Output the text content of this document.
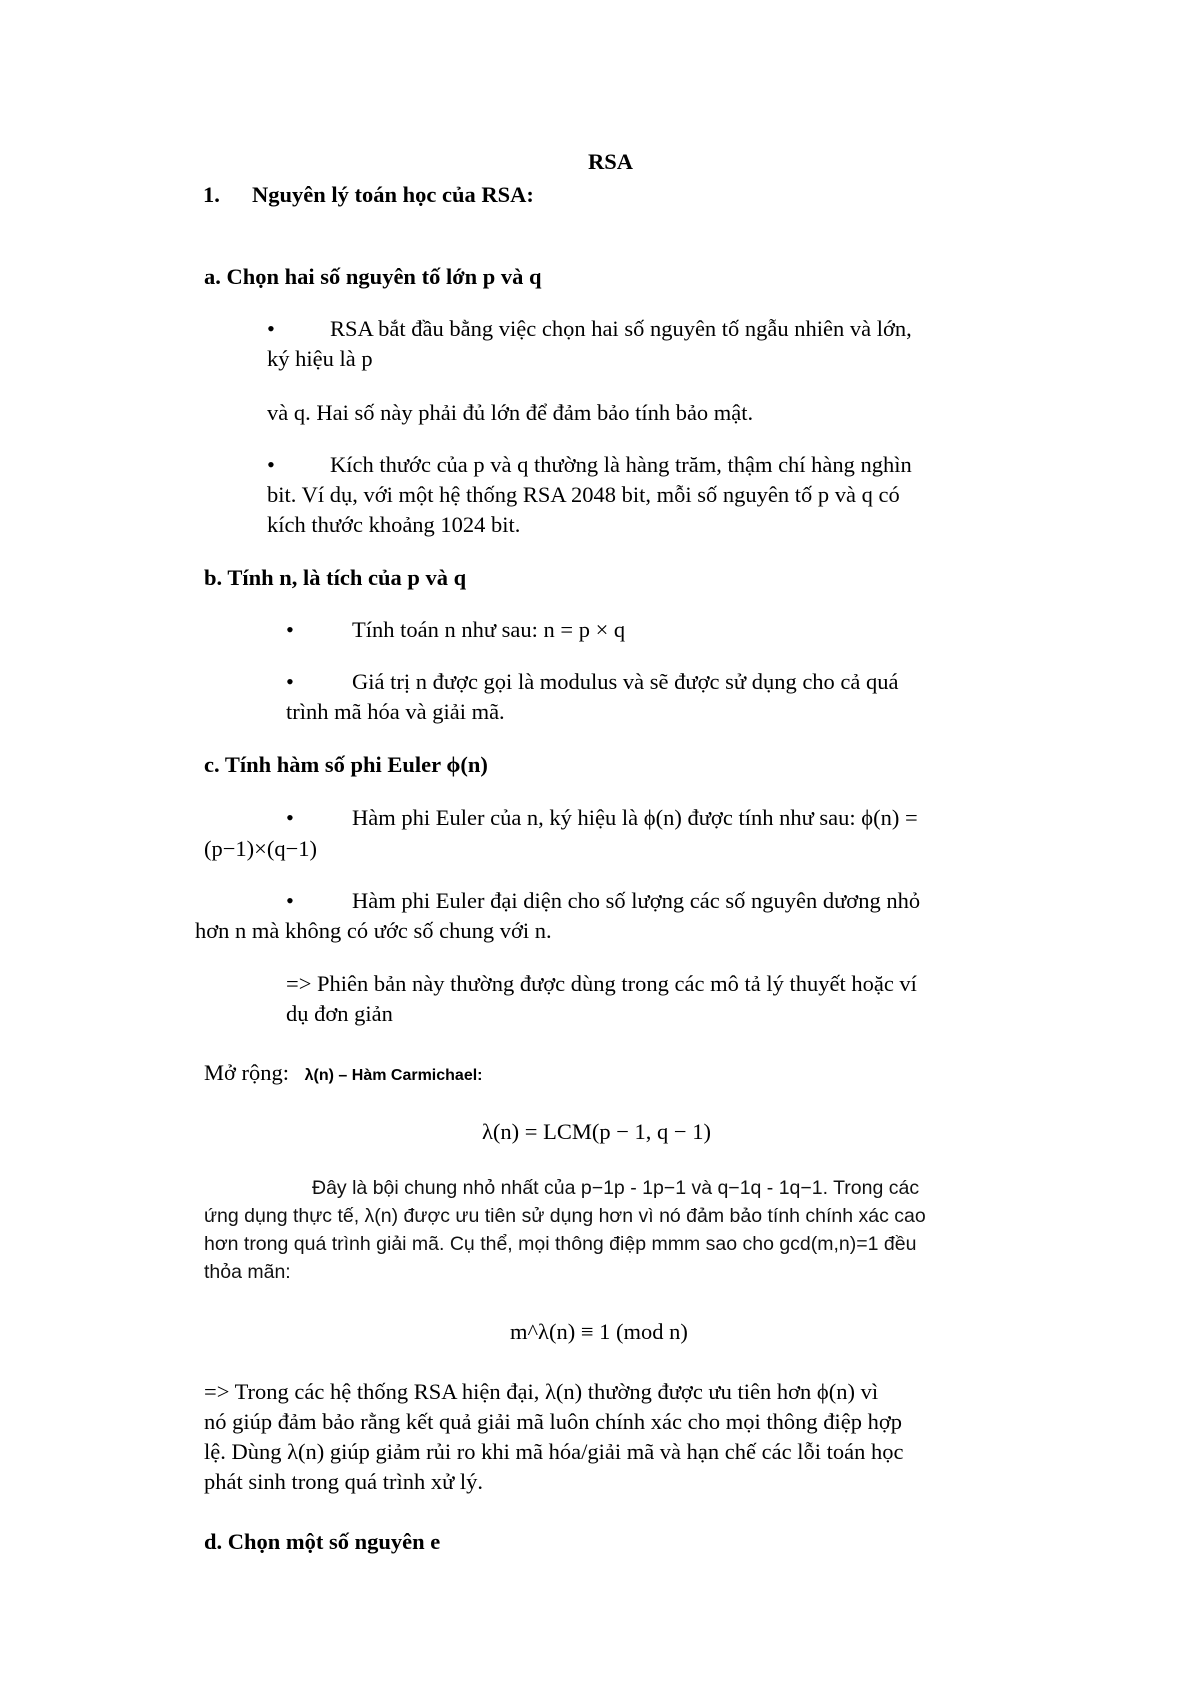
RSA
1. Nguyên lý toán học của RSA:
a. Chọn hai số nguyên tố lớn p và q
• RSA bắt đầu bằng việc chọn hai số nguyên tố ngẫu nhiên và lớn,
ký hiệu là p
và q. Hai số này phải đủ lớn để đảm bảo tính bảo mật.
• Kích thước của p và q thường là hàng trăm, thậm chí hàng nghìn
bit. Ví dụ, với một hệ thống RSA 2048 bit, mỗi số nguyên tố p và q có
kích thước khoảng 1024 bit.
b. Tính n, là tích của p và q
•	Tính toán n như sau: n = p × q
•	Giá trị n được gọi là modulus và sẽ được sử dụng cho cả quá
trình mã hóa và giải mã.
c. Tính hàm số phi Euler ϕ(n)
•	Hàm phi Euler của n, ký hiệu là ϕ(n) được tính như sau: ϕ(n) =
(p−1)×(q−1)
•	Hàm phi Euler đại diện cho số lượng các số nguyên dương nhỏ
hơn n mà không có ước số chung với n.
=> Phiên bản này thường được dùng trong các mô tả lý thuyết hoặc ví
dụ đơn giản
Mở rộng: λ(n) – Hàm Carmichael:
λ(n) = LCM(p − 1, q − 1)
Đây là bội chung nhỏ nhất của p−1p - 1p−1 và q−1q - 1q−1. Trong các
ứng dụng thực tế, λ(n) được ưu tiên sử dụng hơn vì nó đảm bảo tính chính xác cao
hơn trong quá trình giải mã. Cụ thể, mọi thông điệp mmm sao cho gcd(m,n)=1 đều
thỏa mãn:
m^λ(n) ≡ 1 (mod n)
=> Trong các hệ thống RSA hiện đại, λ(n) thường được ưu tiên hơn ϕ(n) vì
nó giúp đảm bảo rằng kết quả giải mã luôn chính xác cho mọi thông điệp hợp
lệ. Dùng λ(n) giúp giảm rủi ro khi mã hóa/giải mã và hạn chế các lỗi toán học
phát sinh trong quá trình xử lý.
d. Chọn một số nguyên e
